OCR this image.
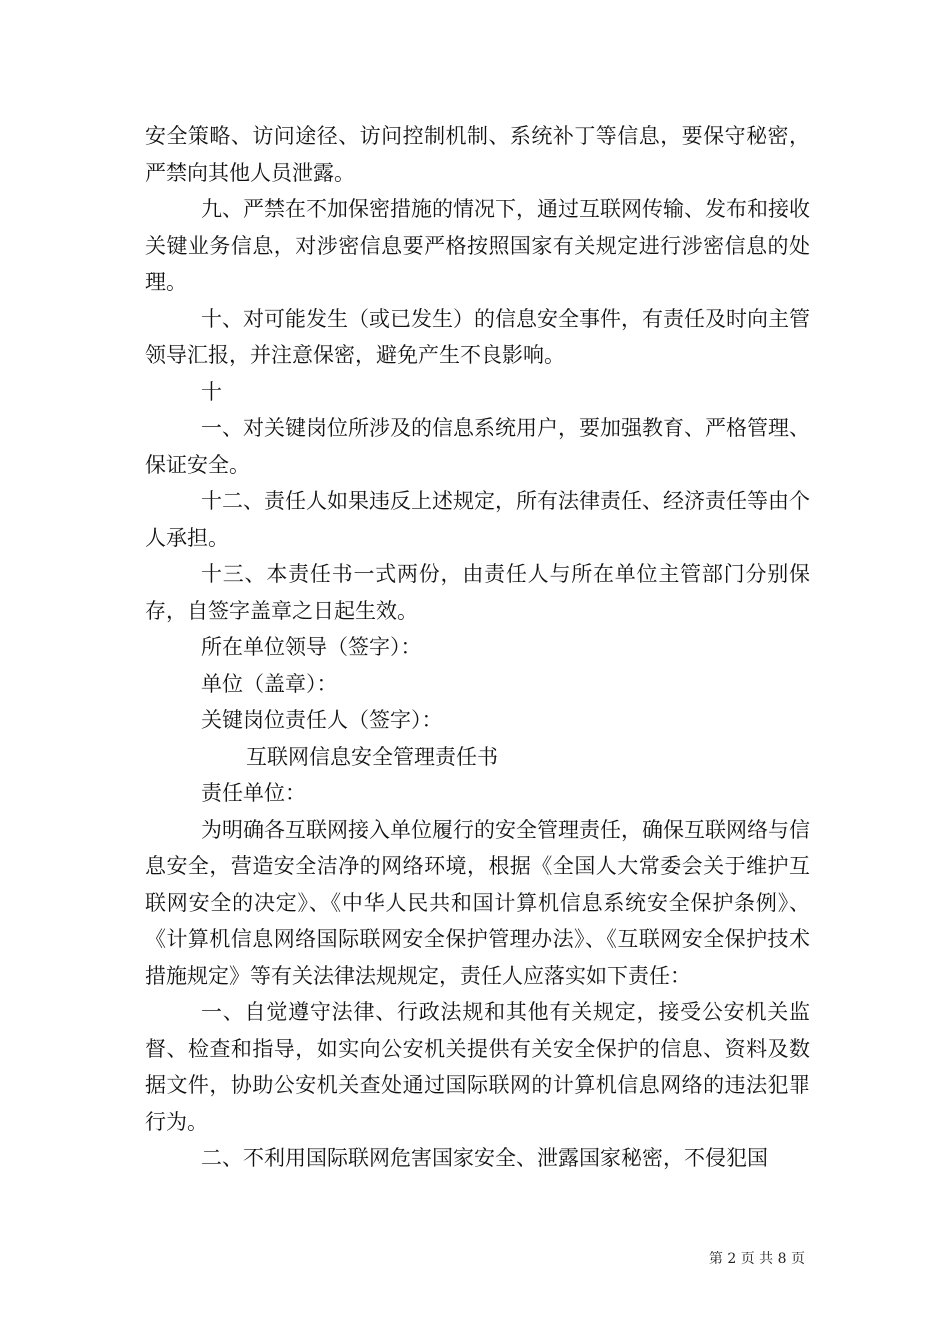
安全策略、访问途径、访问控制机制、系统补丁等信息，要保守秘密，严禁向其他人员泄露。

九、严禁在不加保密措施的情况下，通过互联网传输、发布和接收关键业务信息，对涉密信息要严格按照国家有关规定进行涉密信息的处理。

十、对可能发生（或已发生）的信息安全事件，有责任及时向主管领导汇报，并注意保密，避免产生不良影响。

十

一、对关键岗位所涉及的信息系统用户，要加强教育、严格管理、保证安全。

十二、责任人如果违反上述规定，所有法律责任、经济责任等由个人承担。

十三、本责任书一式两份，由责任人与所在单位主管部门分别保存，自签字盖章之日起生效。

所在单位领导（签字）：

单位（盖章）：

关键岗位责任人（签字）：

互联网信息安全管理责任书

责任单位：

为明确各互联网接入单位履行的安全管理责任，确保互联网络与信息安全，营造安全洁净的网络环境，根据《全国人大常委会关于维护互联网安全的决定》、《中华人民共和国计算机信息系统安全保护条例》、《计算机信息网络国际联网安全保护管理办法》、《互联网安全保护技术措施规定》等有关法律法规规定，责任人应落实如下责任：

一、自觉遵守法律、行政法规和其他有关规定，接受公安机关监督、检查和指导，如实向公安机关提供有关安全保护的信息、资料及数据文件，协助公安机关查处通过国际联网的计算机信息网络的违法犯罪行为。

二、不利用国际联网危害国家安全、泄露国家秘密，不侵犯国

第 2 页 共 8 页
